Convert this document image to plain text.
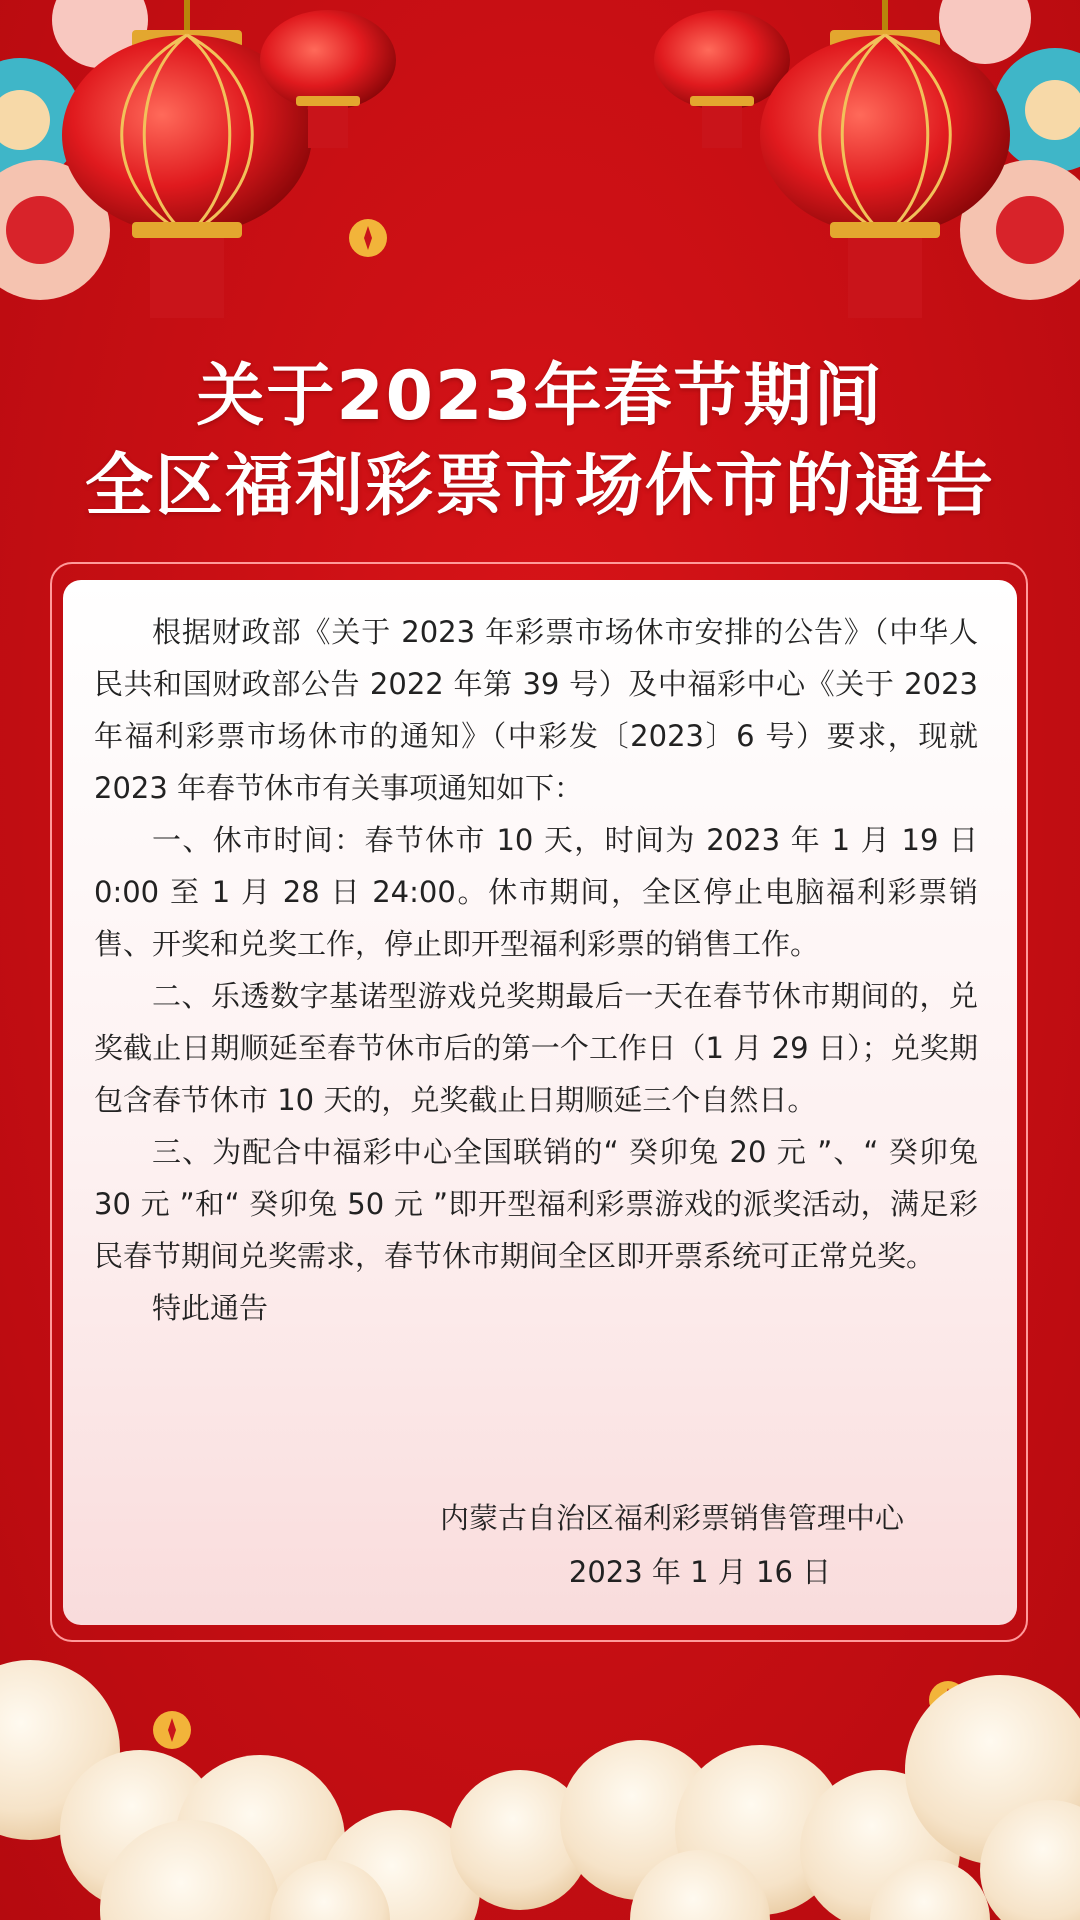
关于2023年春节期间
全区福利彩票市场休市的通告

根据财政部《关于 2023 年彩票市场休市安排的公告》（中华人民共和国财政部公告 2022 年第 39 号）及中福彩中心《关于 2023 年福利彩票市场休市的通知》（中彩发〔2023〕6 号）要求，现就 2023 年春节休市有关事项通知如下：

一、休市时间：春节休市 10 天，时间为 2023 年 1 月 19 日 0:00 至 1 月 28 日 24:00。休市期间，全区停止电脑福利彩票销售、开奖和兑奖工作，停止即开型福利彩票的销售工作。

二、乐透数字基诺型游戏兑奖期最后一天在春节休市期间的，兑奖截止日期顺延至春节休市后的第一个工作日（1 月 29 日）；兑奖期包含春节休市 10 天的，兑奖截止日期顺延三个自然日。

三、为配合中福彩中心全国联销的“ 癸卯兔 20 元 ”、“ 癸卯兔 30 元 ”和“ 癸卯兔 50 元 ”即开型福利彩票游戏的派奖活动，满足彩民春节期间兑奖需求，春节休市期间全区即开票系统可正常兑奖。

特此通告

内蒙古自治区福利彩票销售管理中心
2023 年 1 月 16 日
